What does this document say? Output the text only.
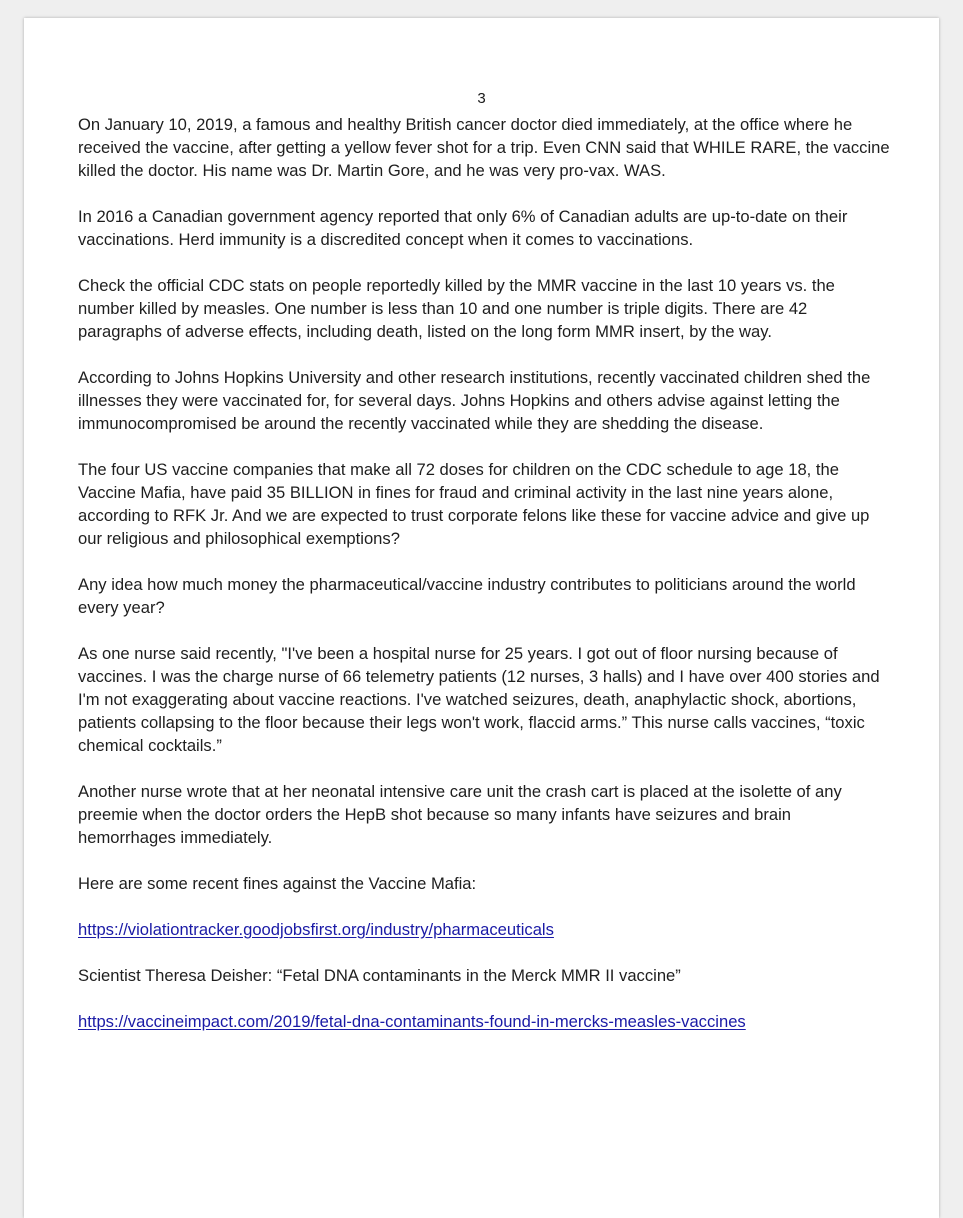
3

On January 10, 2019, a famous and healthy British cancer doctor died immediately, at the office where he received the vaccine, after getting a yellow fever shot for a trip. Even CNN said that WHILE RARE, the vaccine killed the doctor. His name was Dr. Martin Gore, and he was very pro-vax. WAS.

In 2016 a Canadian government agency reported that only 6% of Canadian adults are up-to-date on their vaccinations. Herd immunity is a discredited concept when it comes to vaccinations.

Check the official CDC stats on people reportedly killed by the MMR vaccine in the last 10 years vs. the number killed by measles. One number is less than 10 and one number is triple digits. There are 42 paragraphs of adverse effects, including death, listed on the long form MMR insert, by the way.

According to Johns Hopkins University and other research institutions, recently vaccinated children shed the illnesses they were vaccinated for, for several days. Johns Hopkins and others advise against letting the immunocompromised be around the recently vaccinated while they are shedding the disease.

The four US vaccine companies that make all 72 doses for children on the CDC schedule to age 18, the Vaccine Mafia, have paid 35 BILLION in fines for fraud and criminal activity in the last nine years alone, according to RFK Jr. And we are expected to trust corporate felons like these for vaccine advice and give up our religious and philosophical exemptions?

Any idea how much money the pharmaceutical/vaccine industry contributes to politicians around the world every year?

As one nurse said recently, "I've been a hospital nurse for 25 years. I got out of floor nursing because of vaccines. I was the charge nurse of 66 telemetry patients (12 nurses, 3 halls) and I have over 400 stories and I'm not exaggerating about vaccine reactions. I've watched seizures, death, anaphylactic shock, abortions, patients collapsing to the floor because their legs won't work, flaccid arms.” This nurse calls vaccines, “toxic chemical cocktails.”

Another nurse wrote that at her neonatal intensive care unit the crash cart is placed at the isolette of any preemie when the doctor orders the HepB shot because so many infants have seizures and brain hemorrhages immediately.

Here are some recent fines against the Vaccine Mafia:

https://violationtracker.goodjobsfirst.org/industry/pharmaceuticals

Scientist Theresa Deisher: “Fetal DNA contaminants in the Merck MMR II vaccine”

https://vaccineimpact.com/2019/fetal-dna-contaminants-found-in-mercks-measles-vaccines
